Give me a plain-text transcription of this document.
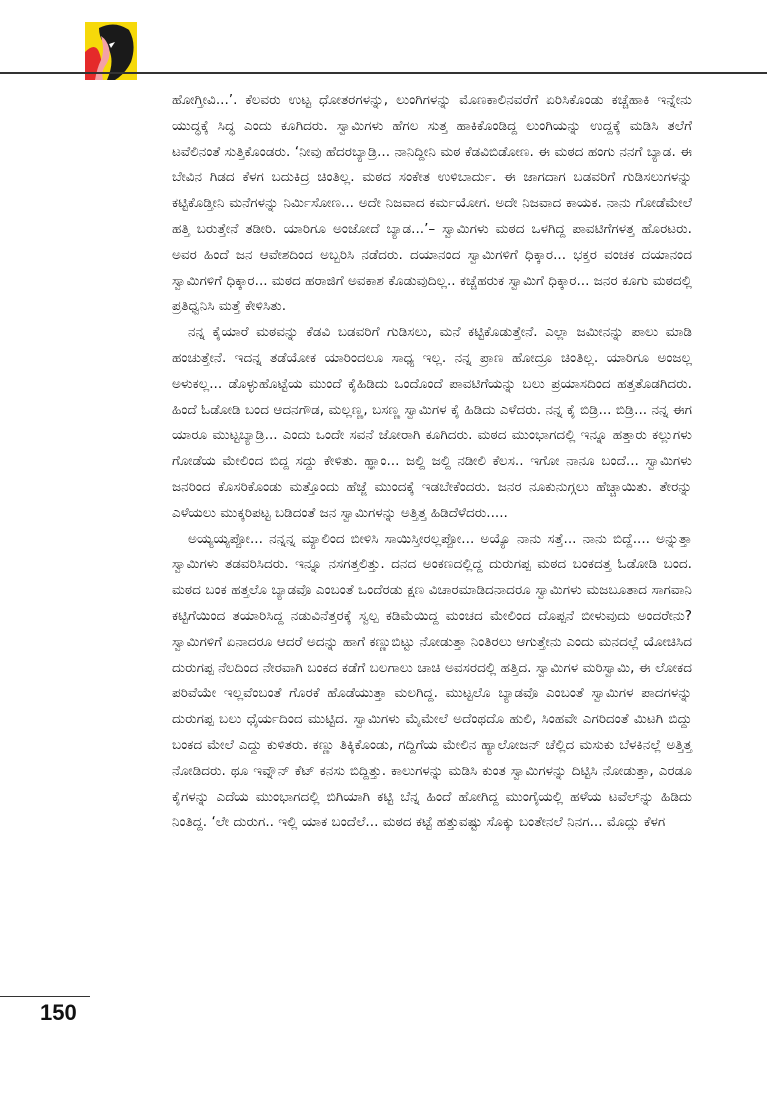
ಹೋಗ್ತೀವಿ...’. ಕೆಲವರು ಉಟ್ಟ ಧೋತರಗಳನ್ನು, ಲುಂಗಿಗಳನ್ನು ಮೊಣಕಾಲಿನವರೆಗೆ ಏರಿಸಿಕೊಂಡು ಕಚ್ಚೆಹಾಕಿ ಇನ್ನೇನು ಯುದ್ಧಕ್ಕೆ ಸಿದ್ಧ ಎಂದು ಕೂಗಿದರು. ಸ್ವಾಮಿಗಳು ಹೆಗಲ ಸುತ್ತ ಹಾಕಿಕೊಂಡಿದ್ದ ಲುಂಗಿಯನ್ನು ಉದ್ದಕ್ಕೆ ಮಡಿಸಿ ತಲೆಗೆ ಟವೆಲಿನಂತೆ ಸುತ್ತಿಕೊಂಡರು. ‘ನೀವು ಹೆದರಬ್ಯಾಡ್ರಿ... ನಾನಿದ್ದೀನಿ ಮಠ ಕೆಡವಿಬಿಡೋಣ. ಈ ಮಠದ ಹಂಗು ನನಗೆ ಬ್ಯಾಡ. ಈ ಬೇವಿನ ಗಿಡದ ಕೆಳಗ ಬದುಕಿದ್ರ ಚಿಂತಿಲ್ಲ. ಮಠದ ಸಂಕೇತ ಉಳಿಬಾರ್ದು. ಈ ಜಾಗದಾಗ ಬಡವರಿಗೆ ಗುಡಿಸಲುಗಳನ್ನು ಕಟ್ಟಿಕೊಡ್ತೀನಿ ಮನೆಗಳನ್ನು ನಿರ್ಮಿಸೋಣ... ಅದೇ ನಿಜವಾದ ಕರ್ಮಯೋಗ. ಅದೇ ನಿಜವಾದ ಕಾಯಕ. ನಾನು ಗೋಡೆಮೇಲೆ ಹತ್ತಿ ಬರುತ್ತೇನೆ ತಡೀರಿ. ಯಾರಿಗೂ ಅಂಜೋದೆ ಬ್ಯಾಡ...’– ಸ್ವಾಮಿಗಳು ಮಠದ ಒಳಗಿದ್ದ ಪಾವಟಿಗೆಗಳತ್ತ ಹೊರಟರು. ಅವರ ಹಿಂದೆ ಜನ ಆವೇಶದಿಂದ ಅಬ್ಬರಿಸಿ ನಡೆದರು. ದಯಾನಂದ ಸ್ವಾಮಿಗಳಿಗೆ ಧಿಕ್ಕಾರ... ಭಕ್ತರ ವಂಚಕ ದಯಾನಂದ ಸ್ವಾಮಿಗಳಿಗೆ ಧಿಕ್ಕಾರ... ಮಠದ ಹರಾಜಿಗೆ ಅವಕಾಶ ಕೊಡುವುದಿಲ್ಲ.. ಕಚ್ಚೆಹರುಕ ಸ್ವಾಮಿಗೆ ಧಿಕ್ಕಾರ... ಜನರ ಕೂಗು ಮಠದಲ್ಲಿ ಪ್ರತಿಧ್ವನಿಸಿ ಮತ್ತೆ ಕೇಳಿಸಿತು.

ನನ್ನ ಕೈಯಾರೆ ಮಠವನ್ನು ಕೆಡವಿ ಬಡವರಿಗೆ ಗುಡಿಸಲು, ಮನೆ ಕಟ್ಟಿಕೊಡುತ್ತೇನೆ. ಎಲ್ಲಾ ಜಮೀನನ್ನು ಪಾಲು ಮಾಡಿ ಹಂಚುತ್ತೇನೆ. ಇದನ್ನ ತಡೆಯೋಕ ಯಾರಿಂದಲೂ ಸಾಧ್ಯ ಇಲ್ಲ. ನನ್ನ ಪ್ರಾಣ ಹೋದ್ರೂ ಚಿಂತಿಲ್ಲ. ಯಾರಿಗೂ ಅಂಜಲ್ಲ ಅಳುಕಲ್ಲ... ಡೊಳ್ಳುಹೊಟ್ಟೆಯ ಮುಂದೆ ಕೈಹಿಡಿದು ಒಂದೊಂದೆ ಪಾವಟಿಗೆಯನ್ನು ಬಲು ಪ್ರಯಾಸದಿಂದ ಹತ್ತತೊಡಗಿದರು. ಹಿಂದೆ ಓಡೋಡಿ ಬಂದ ಆದನಗೌಡ, ಮಲ್ಲಣ್ಣ, ಬಸಣ್ಣ ಸ್ವಾಮಿಗಳ ಕೈ ಹಿಡಿದು ಎಳೆದರು. ನನ್ನ ಕೈ ಬಿಡ್ರಿ... ಬಿಡ್ರಿ... ನನ್ನ ಈಗ ಯಾರೂ ಮುಟ್ಟಬ್ಯಾಡ್ರಿ... ಎಂದು ಒಂದೇ ಸವನೆ ಜೋರಾಗಿ ಕೂಗಿದರು. ಮಠದ ಮುಂಭಾಗದಲ್ಲಿ ಇನ್ನೂ ಹತ್ತಾರು ಕಲ್ಲುಗಳು ಗೋಡೆಯ ಮೇಲಿಂದ ಬಿದ್ದ ಸದ್ದು ಕೇಳಿತು. ಹ್ಞಾಂ... ಜಲ್ದಿ ಜಲ್ದಿ ನಡೀಲಿ ಕೆಲಸ.. ಇಗೋ ನಾನೂ ಬಂದೆ... ಸ್ವಾಮಿಗಳು ಜನರಿಂದ ಕೊಸರಿಕೊಂಡು ಮತ್ತೊಂದು ಹೆಜ್ಜೆ ಮುಂದಕ್ಕೆ ಇಡಬೇಕೆಂದರು. ಜನರ ನೂಕುನುಗ್ಗಲು ಹೆಚ್ಚಾಯಿತು. ತೇರನ್ನು ಎಳೆಯಲು ಮುಕ್ಕರಿಪಟ್ಟ ಬಡಿದಂತೆ ಜನ ಸ್ವಾಮಿಗಳನ್ನು ಅತ್ತಿತ್ತ ಹಿಡಿದೆಳೆದರು.....

ಅಯ್ಯಯ್ಯಪ್ಪೋ... ನನ್ನನ್ನ ಮ್ಯಾಲಿಂದ ಬೀಳಿಸಿ ಸಾಯಿಸ್ತೀರಲ್ಲಪ್ಪೋ... ಅಯ್ಯೊ ನಾನು ಸತ್ತೆ... ನಾನು ಬಿದ್ದೆ.... ಅನ್ನುತ್ತಾ ಸ್ವಾಮಿಗಳು ತಡವರಿಸಿದರು. ಇನ್ನೂ ನಸಗತ್ತಲಿತ್ತು. ದನದ ಅಂಕಣದಲ್ಲಿದ್ದ ದುರುಗಪ್ಪ ಮಠದ ಬಂಕದತ್ತ ಓಡೋಡಿ ಬಂದ. ಮಠದ ಬಂಕ ಹತ್ತಲೊ ಬ್ಯಾಡವೊ ಎಂಬಂತೆ ಒಂದೆರಡು ಕ್ಷಣ ವಿಚಾರಮಾಡಿದನಾದರೂ ಸ್ವಾಮಿಗಳು ಮಜಬೂತಾದ ಸಾಗವಾನಿ ಕಟ್ಟಿಗೆಯಿಂದ ತಯಾರಿಸಿದ್ದ ನಡುವಿನೆತ್ತರಕ್ಕೆ ಸ್ವಲ್ಪ ಕಡಿಮೆಯಿದ್ದ ಮಂಚದ ಮೇಲಿಂದ ದೊಪ್ಪನೆ ಬೀಳುವುದು ಅಂದರೇನು? ಸ್ವಾಮಿಗಳಿಗೆ ಏನಾದರೂ ಆದರೆ ಅದನ್ನು ಹಾಗೆ ಕಣ್ಣುಬಿಟ್ಟು ನೋಡುತ್ತಾ ನಿಂತಿರಲು ಆಗುತ್ತೇನು ಎಂದು ಮನದಲ್ಲೆ ಯೋಚಿಸಿದ ದುರುಗಪ್ಪ ನೆಲದಿಂದ ನೇರವಾಗಿ ಬಂಕದ ಕಡೆಗೆ ಬಲಗಾಲು ಚಾಚಿ ಅವಸರದಲ್ಲಿ ಹತ್ತಿದ. ಸ್ವಾಮಿಗಳ ಮರಿಸ್ವಾಮಿ, ಈ ಲೋಕದ ಪರಿವೆಯೇ ಇಲ್ಲವೆಂಬಂತೆ ಗೊರಕೆ ಹೊಡೆಯುತ್ತಾ ಮಲಗಿದ್ದ. ಮುಟ್ಟಲೊ ಬ್ಯಾಡವೊ ಎಂಬಂತೆ ಸ್ವಾಮಿಗಳ ಪಾದಗಳನ್ನು ದುರುಗಪ್ಪ ಬಲು ಧೈರ್ಯದಿಂದ ಮುಟ್ಟಿದ. ಸ್ವಾಮಿಗಳು ಮೈಮೇಲೆ ಅದೆಂಥದೊ ಹುಲಿ, ಸಿಂಹವೇ ಎಗರಿದಂತೆ ಮಿಟಗಿ ಬಿದ್ದು ಬಂಕದ ಮೇಲೆ ಎದ್ದು ಕುಳಿತರು. ಕಣ್ಣು ತಿಕ್ಕಿಕೊಂಡು, ಗದ್ದಿಗೆಯ ಮೇಲಿನ ಹ್ಯಾಲೋಜನ್ ಚೆಲ್ಲಿದ ಮಸುಕು ಬೆಳಕಿನಲ್ಲೆ ಅತ್ತಿತ್ತ ನೋಡಿದರು. ಥೂ ಇವ್ನೌನ್ ಕೆಟ್ ಕನಸು ಬಿದ್ದಿತ್ತು. ಕಾಲುಗಳನ್ನು ಮಡಿಸಿ ಕುಂತ ಸ್ವಾಮಿಗಳನ್ನು ದಿಟ್ಟಿಸಿ ನೋಡುತ್ತಾ, ಎರಡೂ ಕೈಗಳನ್ನು ಎದೆಯ ಮುಂಭಾಗದಲ್ಲಿ ಬಿಗಿಯಾಗಿ ಕಟ್ಟಿ ಬೆನ್ನ ಹಿಂದೆ ಹೋಗಿದ್ದ ಮುಂಗೈಯಲ್ಲಿ ಹಳೆಯ ಟವೆಲ್‌ನ್ನು ಹಿಡಿದು ನಿಂತಿದ್ದ. ‘ಲೇ ದುರುಗ.. ಇಲ್ಲಿ ಯಾಕ ಬಂದೆಲೆ... ಮಠದ ಕಟ್ಟೆ ಹತ್ತುವಷ್ಟು ಸೊಕ್ಕು ಬಂತೇನಲೆ ನಿನಗ... ಮೊದ್ಲು ಕೆಳಗ

150
